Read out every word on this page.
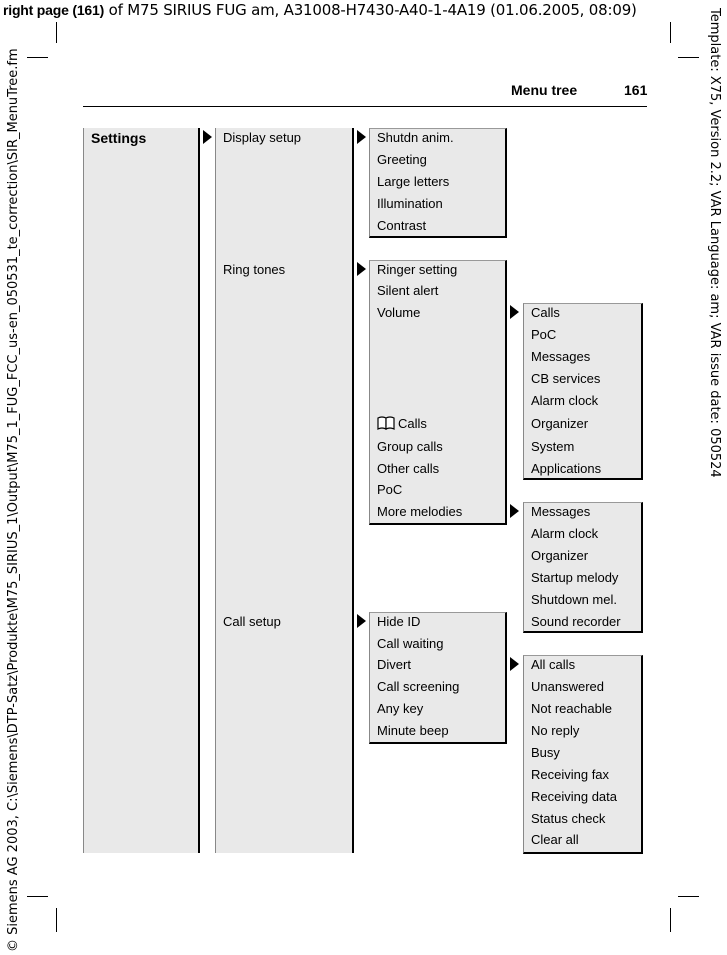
right page (161) of M75 SIRIUS FUG am, A31008-H7430-A40-1-4A19 (01.06.2005, 08:09)
© Siemens AG 2003, C:\Siemens\DTP-Satz\Produkte\M75_SIRIUS_1\Output\M75_1_FUG_FCC_us-en_050531_te_correction\SIR_MenuTree.fm	Template: X75, Version 2.2; VAR Language: am; VAR issue date: 050524
Menu tree	161
Settings	Display setup
Ring tones
Call setup
Shutdn anim.
Greeting
Large letters
Illumination
Contrast
Ringer setting
Silent alert
Volume
Calls
Group calls
Other calls
PoC
More melodies
Calls
PoC
Messages
CB services
Alarm clock
Organizer
System
Applications
Messages
Alarm clock
Organizer
Startup melody
Shutdown mel.
Sound recorder
Hide ID
Call waiting
Divert
Call screening
Any key
Minute beep
All calls
Unanswered
Not reachable
No reply
Busy
Receiving fax
Receiving data
Status check
Clear all
